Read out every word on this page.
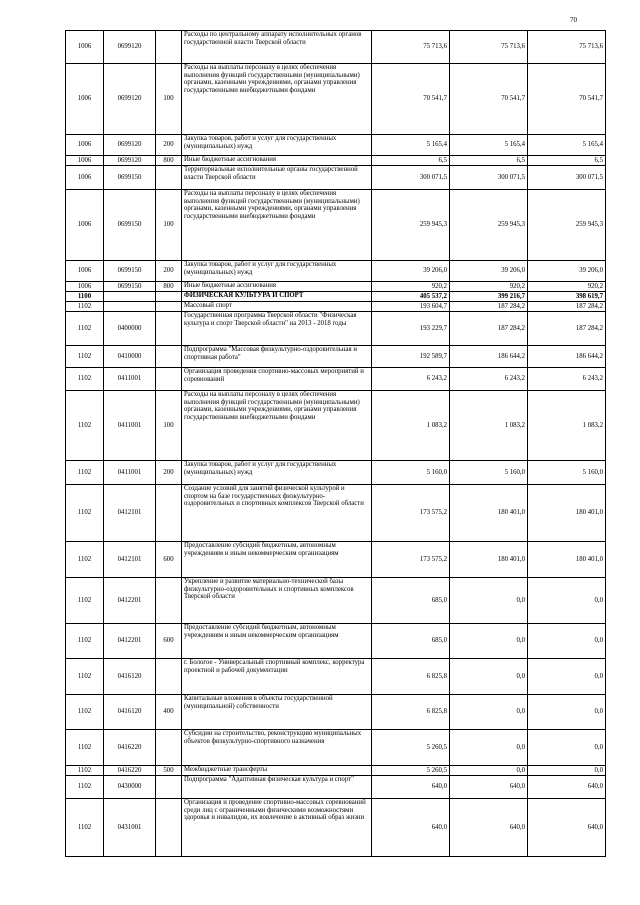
70
1006	0699120		Расходы по центральному аппарату исполнительных органов государственной власти Тверской области	75 713,6	75 713,6	75 713,6
1006	0699120	100	Расходы на выплаты персоналу в целях обеспечения выполнения функций государственными (муниципальными) органами, казенными учреждениями, органами управления государственными внебюджетными фондами	70 541,7	70 541,7	70 541,7
1006	0699120	200	Закупка товаров, работ и услуг для государственных (муниципальных) нужд	5 165,4	5 165,4	5 165,4
1006	0699120	800	Иные бюджетные ассигнования	6,5	6,5	6,5
1006	0699150		Территориальные исполнительные органы государственной власти Тверской области	300 071,5	300 071,5	300 071,5
1006	0699150	100	Расходы на выплаты персоналу в целях обеспечения выполнения функций государственными (муниципальными) органами, казенными учреждениями, органами управления государственными внебюджетными фондами	259 945,3	259 945,3	259 945,3
1006	0699150	200	Закупка товаров, работ и услуг для государственных (муниципальных) нужд	39 206,0	39 206,0	39 206,0
1006	0699150	800	Иные бюджетные ассигнования	920,2	920,2	920,2
1100			ФИЗИЧЕСКАЯ КУЛЬТУРА И СПОРТ	405 537,2	399 216,7	398 619,7
1102			Массовый спорт	193 604,7	187 284,2	187 284,2
1102	0400000		Государственная программа Тверской области "Физическая культура и спорт Тверской области" на 2013 - 2018 годы	193 229,7	187 284,2	187 284,2
1102	0410000		Подпрограмма "Массовая физкультурно-оздоровительная и спортивная работа"	192 589,7	186 644,2	186 644,2
1102	0411001		Организация проведения спортивно-массовых мероприятий и соревнований	6 243,2	6 243,2	6 243,2
1102	0411001	100	Расходы на выплаты персоналу в целях обеспечения выполнения функций государственными (муниципальными) органами, казенными учреждениями, органами управления государственными внебюджетными фондами	1 083,2	1 083,2	1 083,2
1102	0411001	200	Закупка товаров, работ и услуг для государственных (муниципальных) нужд	5 160,0	5 160,0	5 160,0
1102	0412101		Создание условий для занятий физической культурой и спортом на базе государственных физкультурно-оздоровительных и спортивных комплексов Тверской области	173 575,2	180 401,0	180 401,0
1102	0412101	600	Предоставление субсидий бюджетным, автономным учреждениям и иным некоммерческим организациям	173 575,2	180 401,0	180 401,0
1102	0412201		Укрепление и развитие материально-технической базы физкультурно-оздоровительных и спортивных комплексов Тверской области	685,0	0,0	0,0
1102	0412201	600	Предоставление субсидий бюджетным, автономным учреждениям и иным некоммерческим организациям	685,0	0,0	0,0
1102	0416120		г. Бологое - Универсальный спортивный комплекс, корректура проектной и рабочей документации	6 825,8	0,0	0,0
1102	0416120	400	Капитальные вложения в объекты государственной (муниципальной) собственности	6 825,8	0,0	0,0
1102	0416220		Субсидии на строительство, реконструкцию муниципальных объектов физкультурно-спортивного назначения	5 260,5	0,0	0,0
1102	0416220	500	Межбюджетные трансферты	5 260,5	0,0	0,0
1102	0430000		Подпрограмма "Адаптивная физическая культура и спорт"	640,0	640,0	640,0
1102	0431001		Организация и проведение спортивно-массовых соревнований среди лиц с ограниченными физическими возможностями здоровья и инвалидов, их вовлечение в активный образ жизни	640,0	640,0	640,0
